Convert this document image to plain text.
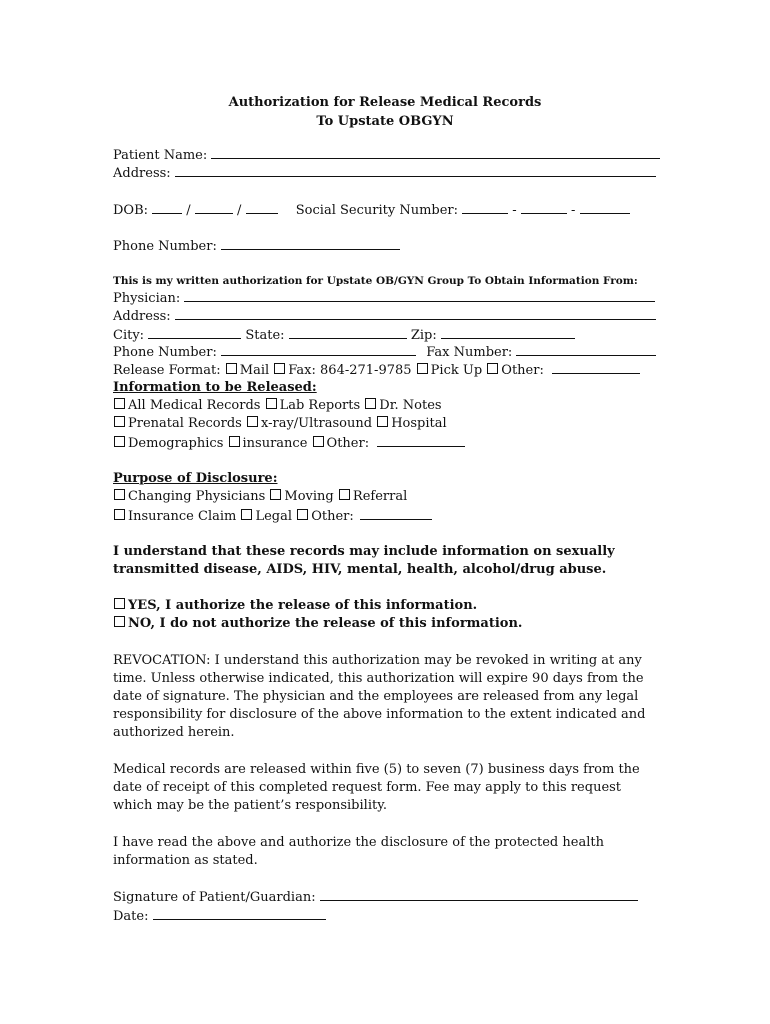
Authorization for Release Medical Records
To Upstate OBGYN
Patient Name:
Address:
DOB:	/	/	Social Security Number:	-	-
Phone Number:
This is my written authorization for Upstate OB/GYN Group To Obtain Information From:
Physician:
Address:
City:	State:	Zip:
Phone Number:	Fax Number:
Release Format: Mail Fax: 864-271-9785 Pick Up Other:
Information to be Released:
All Medical Records Lab Reports Dr. Notes
Prenatal Records x-ray/Ultrasound Hospital
Demographics insurance Other:
Purpose of Disclosure:
Changing Physicians Moving Referral
Insurance Claim Legal Other:
I understand that these records may include information on sexually
transmitted disease, AIDS, HIV, mental, health, alcohol/drug abuse.
YES, I authorize the release of this information.
NO, I do not authorize the release of this information.
REVOCATION: I understand this authorization may be revoked in writing at any time. Unless otherwise indicated, this authorization will expire 90 days from the date of signature. The physician and the employees are released from any legal responsibility for disclosure of the above information to the extent indicated and authorized herein.
Medical records are released within five (5) to seven (7) business days from the date of receipt of this completed request form. Fee may apply to this request which may be the patient’s responsibility.
I have read the above and authorize the disclosure of the protected health information as stated.
Signature of Patient/Guardian:
Date:
